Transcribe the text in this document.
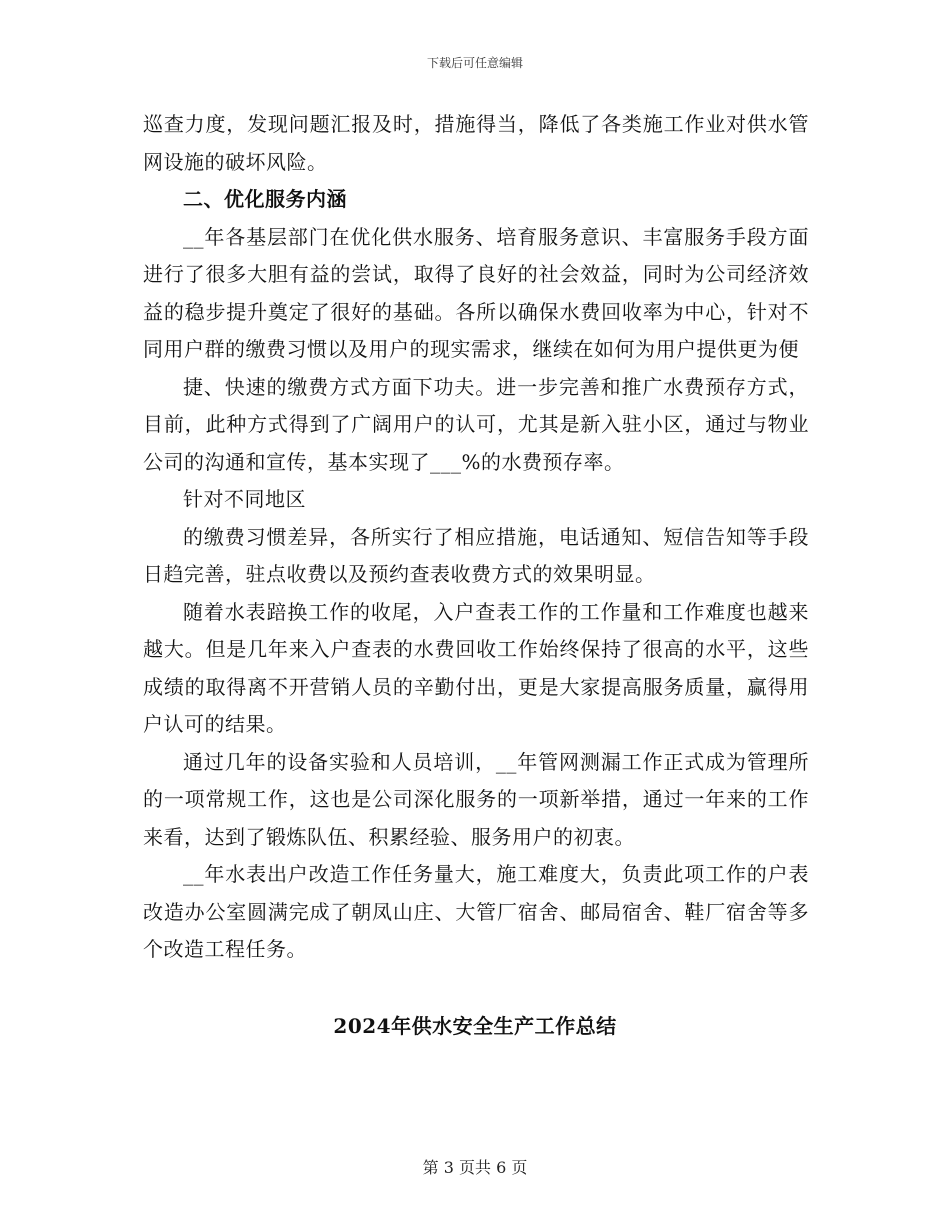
下载后可任意编辑

巡查力度，发现问题汇报及时，措施得当，降低了各类施工作业对供水管网设施的破坏风险。

二、优化服务内涵

__年各基层部门在优化供水服务、培育服务意识、丰富服务手段方面进行了很多大胆有益的尝试，取得了良好的社会效益，同时为公司经济效益的稳步提升奠定了很好的基础。各所以确保水费回收率为中心，针对不同用户群的缴费习惯以及用户的现实需求，继续在如何为用户提供更为便

捷、快速的缴费方式方面下功夫。进一步完善和推广水费预存方式，目前，此种方式得到了广阔用户的认可，尤其是新入驻小区，通过与物业公司的沟通和宣传，基本实现了___%的水费预存率。

针对不同地区

的缴费习惯差异，各所实行了相应措施，电话通知、短信告知等手段日趋完善，驻点收费以及预约查表收费方式的效果明显。

随着水表踣换工作的收尾，入户查表工作的工作量和工作难度也越来越大。但是几年来入户查表的水费回收工作始终保持了很高的水平，这些成绩的取得离不开营销人员的辛勤付出，更是大家提高服务质量，赢得用户认可的结果。

通过几年的设备实验和人员培训，__年管网测漏工作正式成为管理所的一项常规工作，这也是公司深化服务的一项新举措，通过一年来的工作来看，达到了锻炼队伍、积累经验、服务用户的初衷。

__年水表出户改造工作任务量大，施工难度大，负责此项工作的户表改造办公室圆满完成了朝凤山庄、大管厂宿舍、邮局宿舍、鞋厂宿舍等多个改造工程任务。

2024年供水安全生产工作总结
第 3 页共 6 页
